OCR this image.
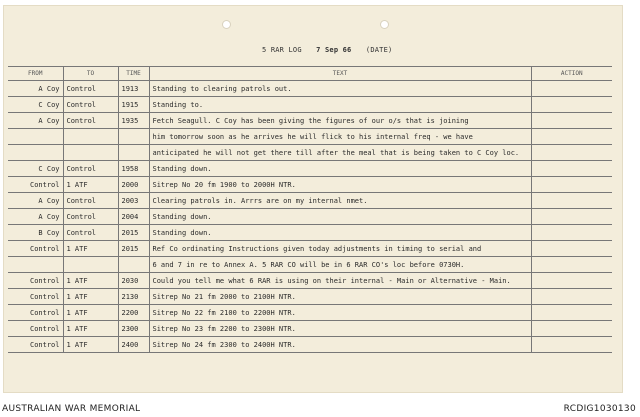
5 RAR LOG 7 Sep 66 (DATE)
FROM	TO	TIME	TEXT	ACTION
A Coy	Control	1913	Standing to clearing patrols out.	
C Coy	Control	1915	Standing to.	
A Coy	Control	1935	Fetch Seagull. C Coy has been giving the figures of our o/s that is joining	
			him tomorrow soon as he arrives he will flick to his internal freq - we have	
			anticipated he will not get there till after the meal that is being taken to C Coy loc.	
C Coy	Control	1958	Standing down.	
Control	1 ATF	2000	Sitrep No 20 fm 1900 to 2000H NTR.	
A Coy	Control	2003	Clearing patrols in. Arrrs are on my internal nmet.	
A Coy	Control	2004	Standing down.	
B Coy	Control	2015	Standing down.	
Control	1 ATF	2015	Ref Co ordinating Instructions given today adjustments in timing to serial and	
			6 and 7 in re to Annex A. 5 RAR CO will be in 6 RAR CO's loc before 0730H.	
Control	1 ATF	2030	Could you tell me what 6 RAR is using on their internal - Main or Alternative - Main.	
Control	1 ATF	2130	Sitrep No 21 fm 2000 to 2100H NTR.	
Control	1 ATF	2200	Sitrep No 22 fm 2100 to 2200H NTR.	
Control	1 ATF	2300	Sitrep No 23 fm 2200 to 2300H NTR.	
Control	1 ATF	2400	Sitrep No 24 fm 2300 to 2400H NTR.	
AUSTRALIAN WAR MEMORIAL	RCDIG1030130
